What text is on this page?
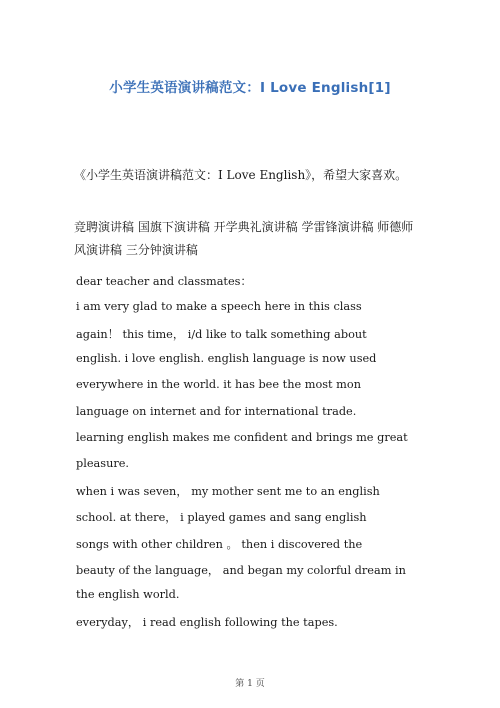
小学生英语演讲稿范文：I Love English[1]
《小学生英语演讲稿范文：I Love English》，希望大家喜欢。
竞聘演讲稿 国旗下演讲稿 开学典礼演讲稿 学雷锋演讲稿 师德师风演讲稿 三分钟演讲稿
dear teacher and classmates：
i am very glad to make a speech here in this class
again！ this time， i/d like to talk something about
english. i love english. english language is now used
everywhere in the world. it has bee the most mon
language on internet and for international trade.
learning english makes me confident and brings me great
pleasure.
when i was seven， my mother sent me to an english
school. at there， i played games and sang english
songs with other children 。 then i discovered the
beauty of the language， and began my colorful dream in
the english world.
everyday， i read english following the tapes.
第 1 页
